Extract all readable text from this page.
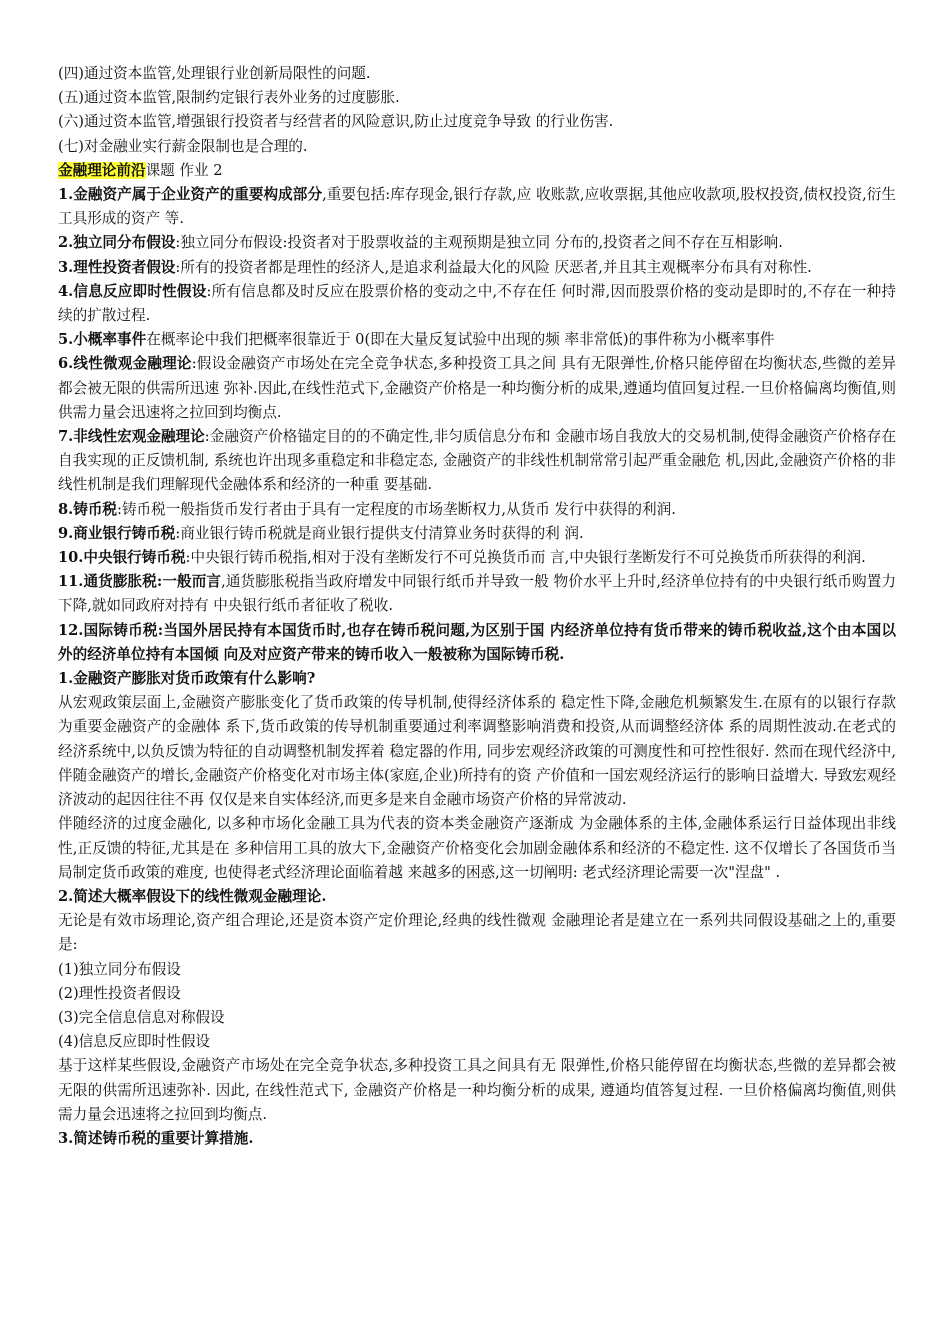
(四)通过资本监管,处理银行业创新局限性的问题.

(五)通过资本监管,限制约定银行表外业务的过度膨胀.

(六)通过资本监管,增强银行投资者与经营者的风险意识,防止过度竞争导致 的行业伤害.

(七)对金融业实行薪金限制也是合理的.

金融理论前沿课题 作业 2

1.金融资产属于企业资产的重要构成部分,重要包括:库存现金,银行存款,应 收账款,应收票据,其他应收款项,股权投资,债权投资,衍生工具形成的资产 等.

2.独立同分布假设:独立同分布假设:投资者对于股票收益的主观预期是独立同 分布的,投资者之间不存在互相影响.

3.理性投资者假设:所有的投资者都是理性的经济人,是追求利益最大化的风险 厌恶者,并且其主观概率分布具有对称性.

4.信息反应即时性假设:所有信息都及时反应在股票价格的变动之中,不存在任 何时滞,因而股票价格的变动是即时的,不存在一种持续的扩散过程.

5.小概率事件在概率论中我们把概率很靠近于 0(即在大量反复试验中出现的频 率非常低)的事件称为小概率事件

6.线性微观金融理论:假设金融资产市场处在完全竞争状态,多种投资工具之间 具有无限弹性,价格只能停留在均衡状态,些微的差异都会被无限的供需所迅速 弥补.因此,在线性范式下,金融资产价格是一种均衡分析的成果,遵通均值回复过程.一旦价格偏离均衡值,则供需力量会迅速将之拉回到均衡点.

7.非线性宏观金融理论:金融资产价格锚定目的的不确定性,非匀质信息分布和 金融市场自我放大的交易机制,使得金融资产价格存在自我实现的正反馈机制, 系统也许出现多重稳定和非稳定态, 金融资产的非线性机制常常引起严重金融危 机,因此,金融资产价格的非线性机制是我们理解现代金融体系和经济的一种重 要基础.

8.铸币税:铸币税一般指货币发行者由于具有一定程度的市场垄断权力,从货币 发行中获得的利润.

9.商业银行铸币税:商业银行铸币税就是商业银行提供支付清算业务时获得的利 润.

10.中央银行铸币税:中央银行铸币税指,相对于没有垄断发行不可兑换货币而 言,中央银行垄断发行不可兑换货币所获得的利润.

11.通货膨胀税:一般而言,通货膨胀税指当政府增发中同银行纸币并导致一般 物价水平上升时,经济单位持有的中央银行纸币购置力下降,就如同政府对持有 中央银行纸币者征收了税收.

12.国际铸币税:当国外居民持有本国货币时,也存在铸币税问题,为区别于国 内经济单位持有货币带来的铸币税收益,这个由本国以外的经济单位持有本国倾 向及对应资产带来的铸币收入一般被称为国际铸币税.

1.金融资产膨胀对货币政策有什么影响?

从宏观政策层面上,金融资产膨胀变化了货币政策的传导机制,使得经济体系的 稳定性下降,金融危机频繁发生.在原有的以银行存款为重要金融资产的金融体 系下,货币政策的传导机制重要通过利率调整影响消费和投资,从而调整经济体 系的周期性波动.在老式的经济系统中,以负反馈为特征的自动调整机制发挥着 稳定器的作用, 同步宏观经济政策的可测度性和可控性很好. 然而在现代经济中, 伴随金融资产的增长,金融资产价格变化对市场主体(家庭,企业)所持有的资 产价值和一国宏观经济运行的影响日益增大. 导致宏观经济波动的起因往往不再 仅仅是来自实体经济,而更多是来自金融市场资产价格的异常波动.

伴随经济的过度金融化, 以多种市场化金融工具为代表的资本类金融资产逐渐成 为金融体系的主体,金融体系运行日益体现出非线性,正反馈的特征,尤其是在 多种信用工具的放大下,金融资产价格变化会加剧金融体系和经济的不稳定性. 这不仅增长了各国货币当局制定货币政策的难度, 也使得老式经济理论面临着越 来越多的困惑,这一切阐明: 老式经济理论需要一次"涅盘" .

2.简述大概率假设下的线性微观金融理论.

无论是有效市场理论,资产组合理论,还是资本资产定价理论,经典的线性微观 金融理论者是建立在一系列共同假设基础之上的,重要是:

(1)独立同分布假设

(2)理性投资者假设

(3)完全信息信息对称假设

(4)信息反应即时性假设

基于这样某些假设,金融资产市场处在完全竞争状态,多种投资工具之间具有无 限弹性,价格只能停留在均衡状态,些微的差异都会被无限的供需所迅速弥补. 因此, 在线性范式下, 金融资产价格是一种均衡分析的成果, 遵通均值答复过程. 一旦价格偏离均衡值,则供需力量会迅速将之拉回到均衡点.

3.简述铸币税的重要计算措施.
